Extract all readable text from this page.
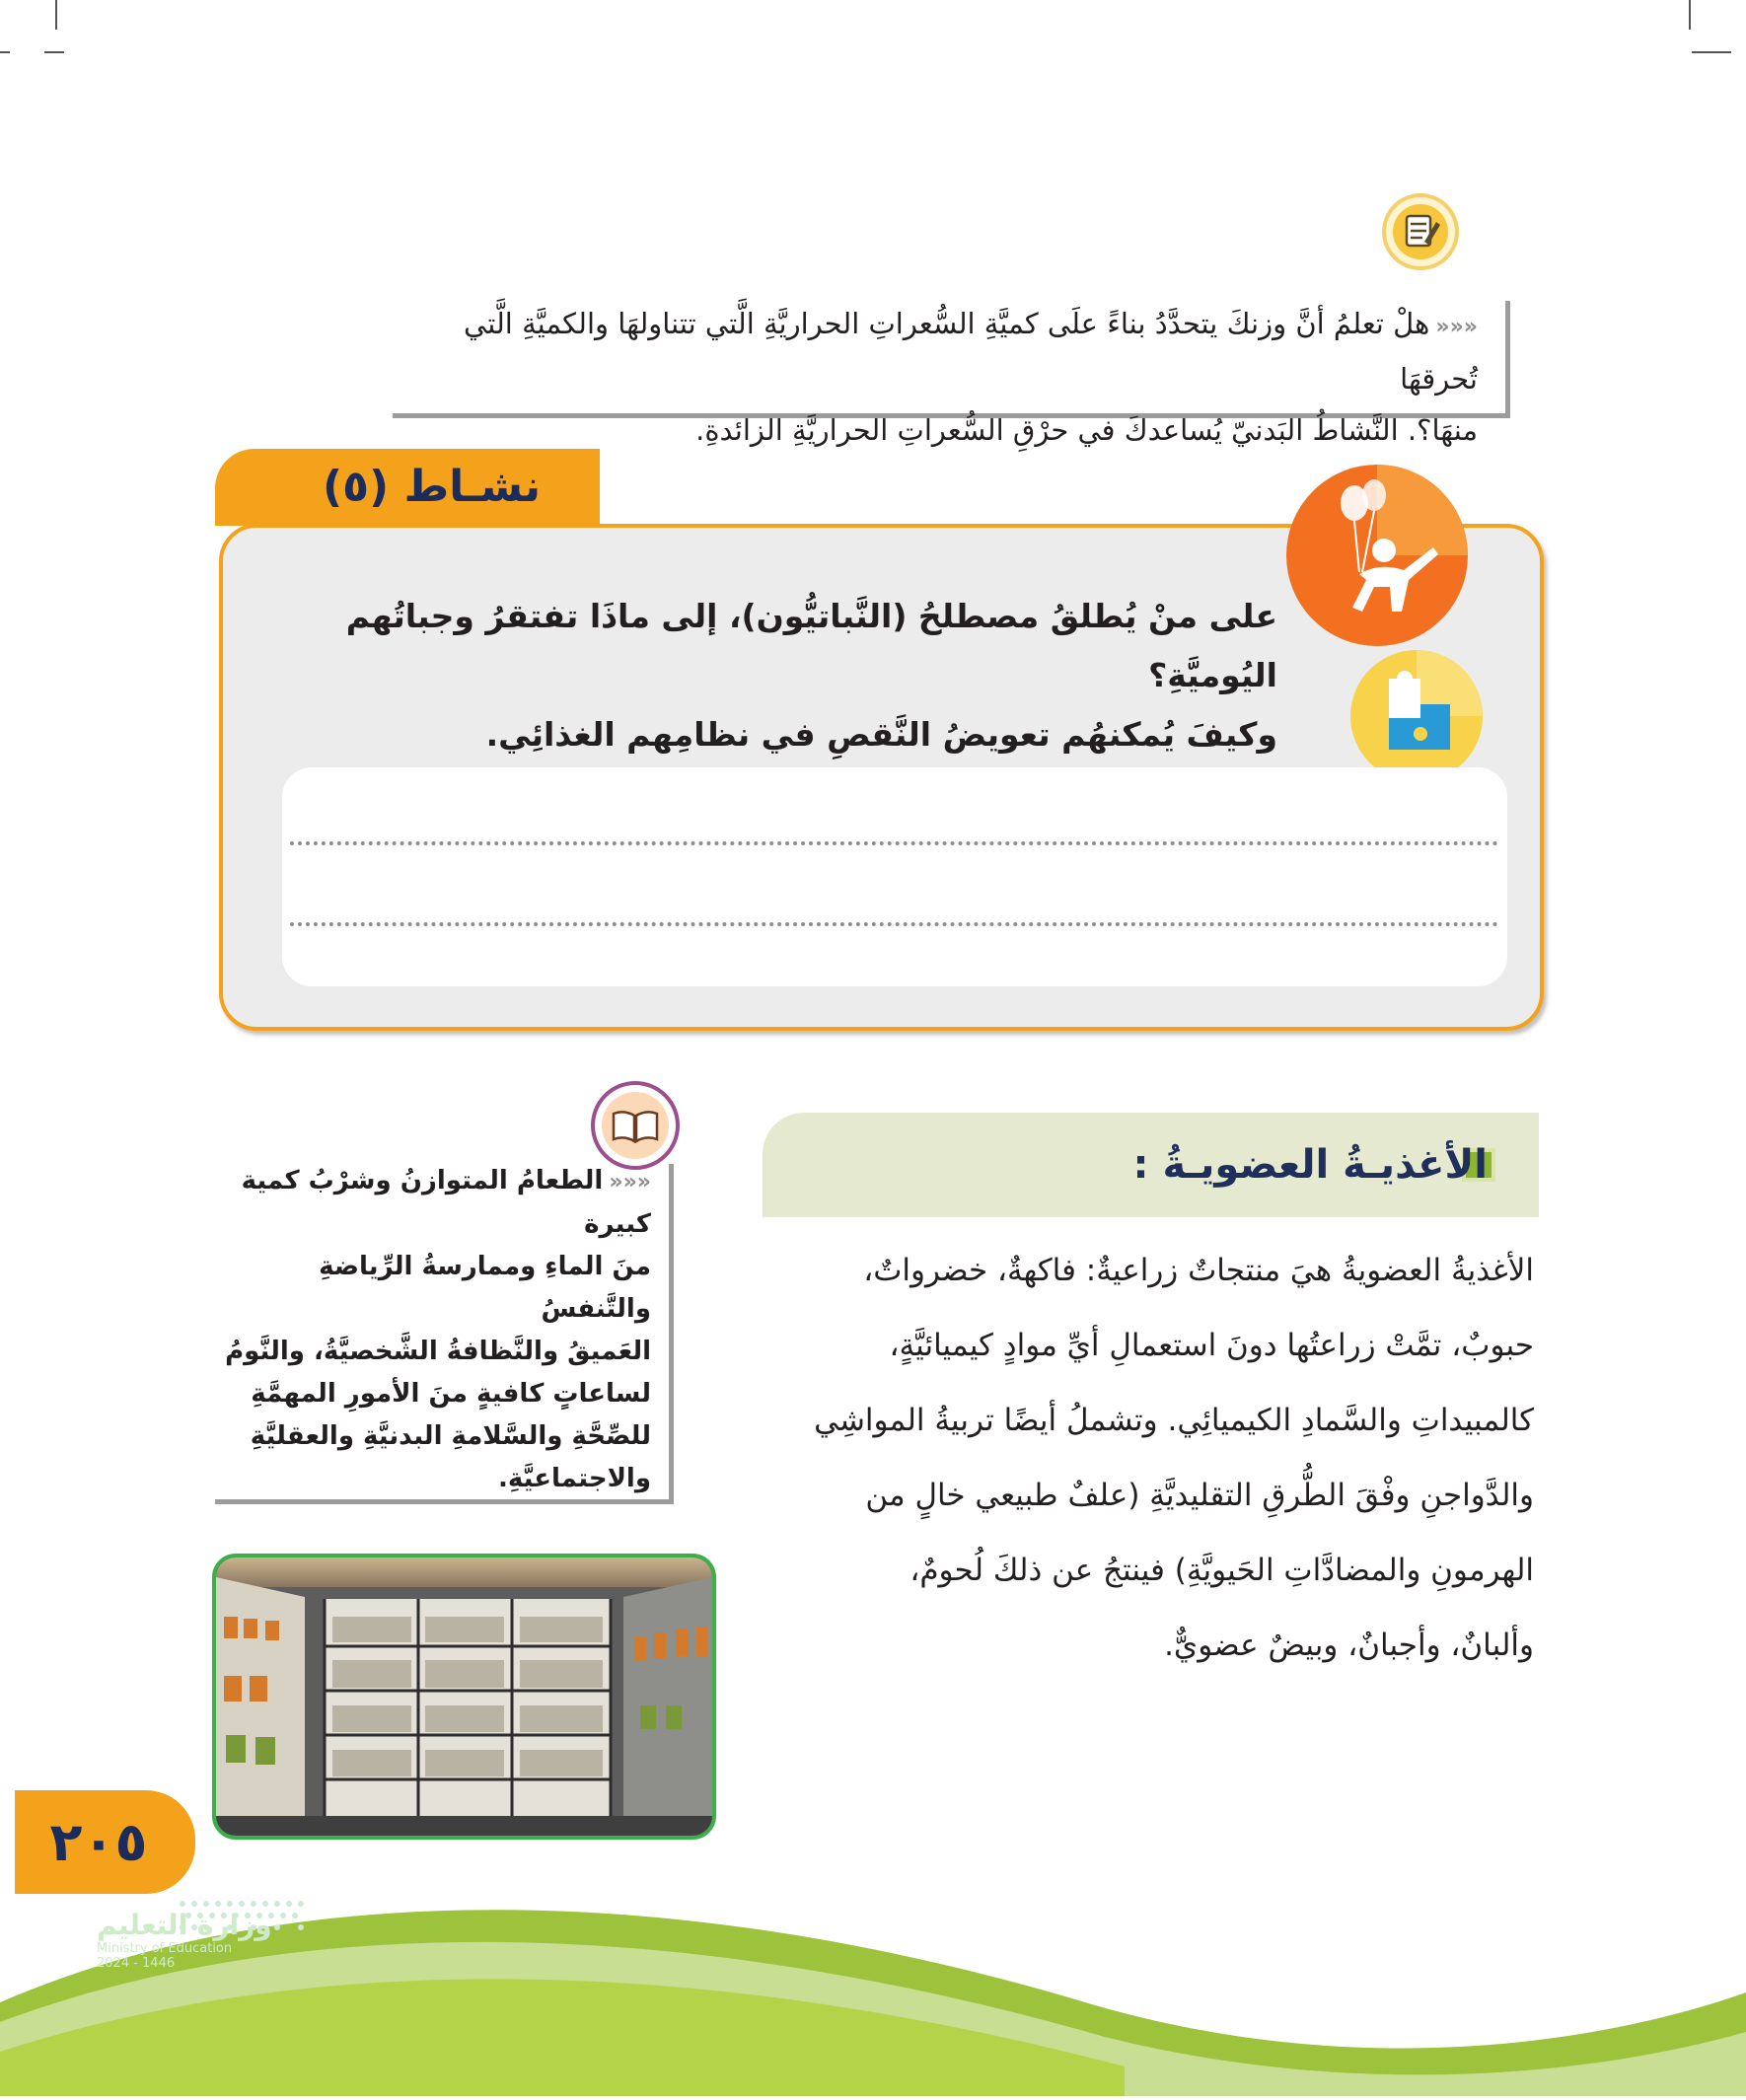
«««هلْ تعلمُ أنَّ وزنكَ يتحدَّدُ بناءً علَى كميَّةِ السُّعراتِ الحراريَّةِ الَّتي تتناولهَا والكميَّةِ الَّتي تُحرقهَا
منهَا؟. النَّشاطُ البَدنيّ يُساعدكَ في حرْقِ السُّعراتِ الحراريَّةِ الزائدةِ.
نشـاط (٥)
على منْ يُطلقُ مصطلحُ (النَّباتيُّون)، إلى ماذَا تفتقرُ وجباتُهم اليُوميَّةِ؟
وكيفَ يُمكنهُم تعويضُ النَّقصِ في نظامِهم الغذائِي.
الأغذيـةُ العضويـةُ :
الأغذيةُ العضويةُ هيَ منتجاتٌ زراعيةٌ: فاكهةٌ، خضرواتٌ،
حبوبٌ، تمَّتْ زراعتُها دونَ استعمالِ أيِّ موادٍ كيميائيَّةٍ،
كالمبيداتِ والسَّمادِ الكيميائِي. وتشملُ أيضًا تربيةُ المواشِي
والدَّواجنِ وفْقَ الطُّرقِ التقليديَّةِ (علفٌ طبيعي خالٍ من
الهرمونِ والمضادَّاتِ الحَيويَّةِ) فينتجُ عن ذلكَ لُحومٌ،
وألبانٌ، وأجبانٌ، وبيضٌ عضويٌّ.
«««الطعامُ المتوازنُ وشرْبُ كمية كبيرة
منَ الماءِ وممارسةُ الرِّياضةِ والتَّنفسُ
العَميقُ والنَّظافةُ الشَّخصيَّةُ، والنَّومُ
لساعاتٍ كافيةٍ منَ الأمورِ المهمَّةِ
للصِّحَّةِ والسَّلامةِ البدنيَّةِ والعقليَّةِ
والاجتماعيَّةِ.
وزارة التعليم
Ministry of Education
2024 - 1446
٢٠٥
